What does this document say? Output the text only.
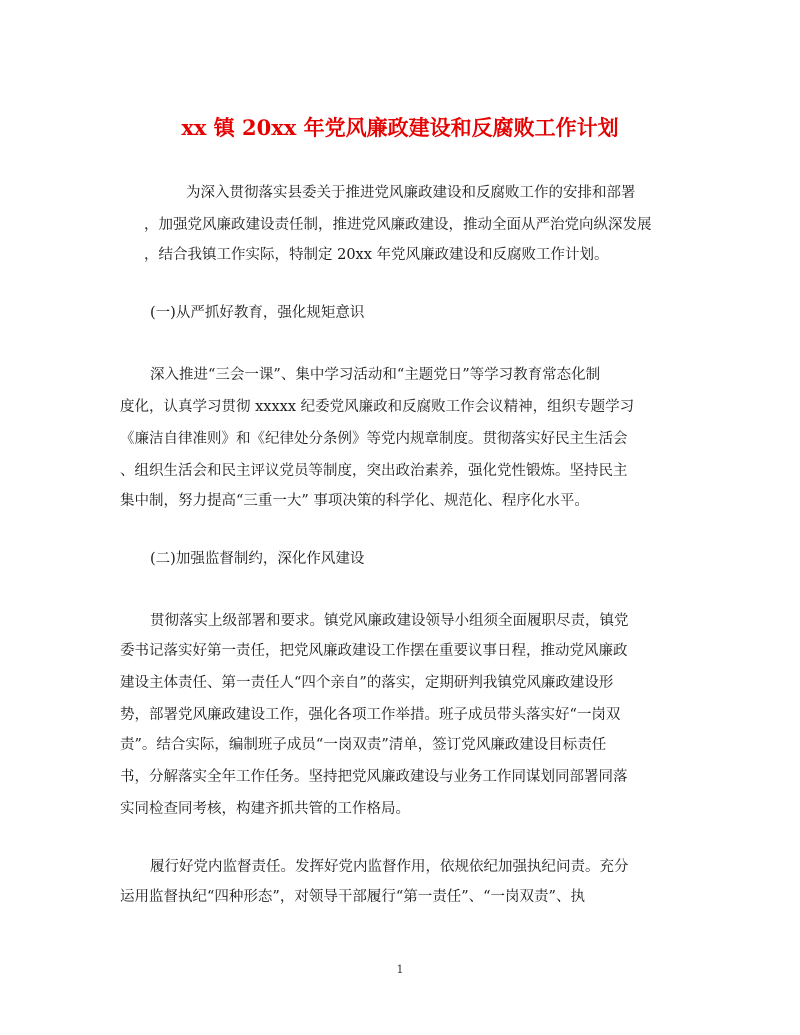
xx 镇 20xx 年党风廉政建设和反腐败工作计划
为深入贯彻落实县委关于推进党风廉政建设和反腐败工作的安排和部署
，加强党风廉政建设责任制，推进党风廉政建设，推动全面从严治党向纵深发展
，结合我镇工作实际，特制定 20xx 年党风廉政建设和反腐败工作计划。
(一)从严抓好教育，强化规矩意识
深入推进“三会一课”、集中学习活动和“主题党日”等学习教育常态化制
度化，认真学习贯彻 xxxxx 纪委党风廉政和反腐败工作会议精神，组织专题学习
《廉洁自律准则》和《纪律处分条例》等党内规章制度。贯彻落实好民主生活会
、组织生活会和民主评议党员等制度，突出政治素养，强化党性锻炼。坚持民主
集中制，努力提高“三重一大” 事项决策的科学化、规范化、程序化水平。
(二)加强监督制约，深化作风建设
贯彻落实上级部署和要求。镇党风廉政建设领导小组须全面履职尽责，镇党
委书记落实好第一责任，把党风廉政建设工作摆在重要议事日程，推动党风廉政
建设主体责任、第一责任人“四个亲自”的落实，定期研判我镇党风廉政建设形
势，部署党风廉政建设工作，强化各项工作举措。班子成员带头落实好“一岗双
责”。结合实际，编制班子成员“一岗双责”清单，签订党风廉政建设目标责任
书，分解落实全年工作任务。坚持把党风廉政建设与业务工作同谋划同部署同落
实同检查同考核，构建齐抓共管的工作格局。
履行好党内监督责任。发挥好党内监督作用，依规依纪加强执纪问责。充分
运用监督执纪“四种形态”，对领导干部履行“第一责任”、“一岗双责”、执
1
